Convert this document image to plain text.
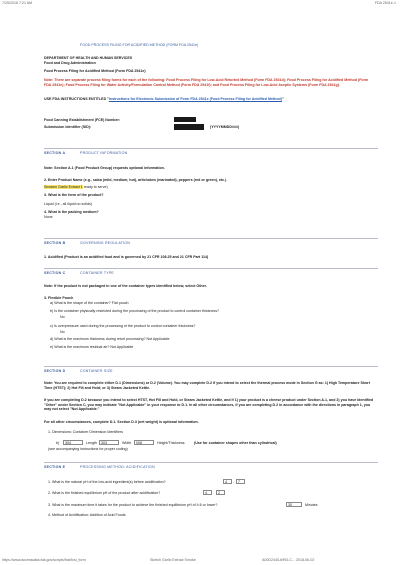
7/25/2018 7:21 AM	FDA 2541e-1
FOOD PROCESS FILING FOR ACIDIFIED METHOD (FORM FDA 2541e)
DEPARTMENT OF HEALTH AND HUMAN SERVICES
Food and Drug Administration
Food Process Filing for Acidified Method (Form FDA 2541e)
Note: There are separate process filing forms for each of the following: Food Process Filing for Low-Acid Retorted Method (Form FDA 2541d); Food Process Filing for Acidified Method (Form FDA 2541e); Food Process Filing for Water Activity/Formulation Control Method (Form FDA 2541f); and Food Process Filing for Low-Acid Aseptic Systems (Form FDA 2541g).
USE FDA INSTRUCTIONS ENTITLED "Instructions for Electronic Submission of Form FDA 2541e (Food Process Filing for Acidified Method)"
Food Canning Establishment (FCE) Number:
Submission Identifier (SID):	(YYYYMMDD###)
SECTION A	PRODUCT INFORMATION
Note: Section A.1 (Food Product Group) requests optional information.
2. Enter Product Name (e.g., salsa (mild, medium, hot), artichokes (marinated), peppers (red or green), etc.)
Smoken Garlic Extract 1 ready to serve)
3. What is the form of the product?
Liquid (i.e., all liquid no solids)
4. What is the packing medium?
None
SECTION B	GOVERNING REGULATION
1. Acidified (Product is an acidified food and is governed by 21 CFR 108.25 and 21 CFR Part 114)
SECTION C	CONTAINER TYPE
Note: If the product is not packaged in one of the container types identified below, select Other.
3. Flexible Pouch
a) What is the shape of the container? Flat pouch
b) Is the container physically restricted during the processing of the product to control container thickness?
No
c) Is overpressure used during the processing of the product to control container thickness?
No
d) What is the maximum thickness during retort processing? Not Applicable
e) What is the maximum residual air? Not Applicable
SECTION D	CONTAINER SIZE
Note: You are required to complete either D.1 (Dimensions) or D.2 (Volume). You may complete D.2 if you intend to select the thermal process mode in Section G as: 1) High Temperature Short Time (HTST); 2) Hot Fill and Hold; or 3) Steam Jacketed Kettle.
If you are completing D.2 because you intend to select HTST, Hot Fill and Hold, or Steam Jacketed Kettle, and if 1) your product is a cheese product under Section A.1, and 2) you have identified "Other" under Section C, you may indicate "Not Applicable" in your response to D.1. In all other circumstances, if you are completing D.2 in accordance with the directions in paragraph 1, you may not select "Not Applicable."
For all other circumstances, complete D.1. Section D.3 (net weight) is optional information.
1. Dimensions: Container Dimension Identifiers
b)	304	Length	303	Width	008	Height/Thickness	(Use for container shapes other than cylindrical)
(see accompanying instructions for proper coding)
SECTION E	PROCESSING METHOD: ACIDIFICATION
1. What is the natural pH of the low-acid ingredient(s) before acidification?	4	.	7
2. What is the finished equilibrium pH of the product after acidification?	4	.	2
3. What is the maximum time it takes for the product to achieve the finished equilibrium pH of 4.6 or lower?	30	Minutes
4. Method of Acidification: Addition of Acid Foods
https://www.accessdata.fda.gov/scripts/fcsi/fcsi_form	Sketch Garlic Extract Smoke	A00D2445-6993-C... 2018-06-02
